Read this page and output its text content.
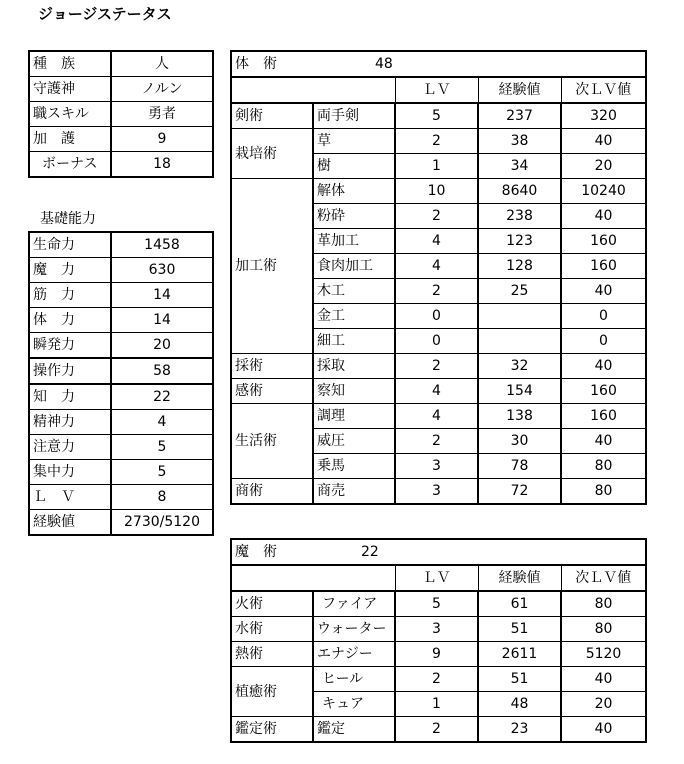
ジョージステータス
種　族	人
守護神	ノルン
職スキル	勇者
加　護	9
ボーナス	18
基礎能力
生命力	1458
魔　力	630
筋　力	14
体　力	14
瞬発力	20
操作力	58
知　力	22
精神力	4
注意力	5
集中力	5
Ｌ　Ｖ	8
経験値	2730/5120
体　術		48		
		ＬＶ	経験値	次ＬＶ値
剣術	両手剣	5	237	320
栽培術	草	2	38	40
	樹	1	34	20
加工術	解体	10	8640	10240
	粉砕	2	238	40
	革加工	4	123	160
	食肉加工	4	128	160
	木工	2	25	40
	金工	0		0
	細工	0		0
採術	採取	2	32	40
感術	察知	4	154	160
生活術	調理	4	138	160
	威圧	2	30	40
	乗馬	3	78	80
商術	商売	3	72	80
魔　術		22		
		ＬＶ	経験値	次ＬＶ値
火術	ファイア	5	61	80
水術	ウォーター	3	51	80
熱術	エナジー	9	2611	5120
植癒術	ヒール	2	51	40
	キュア	1	48	20
鑑定術	鑑定	2	23	40
